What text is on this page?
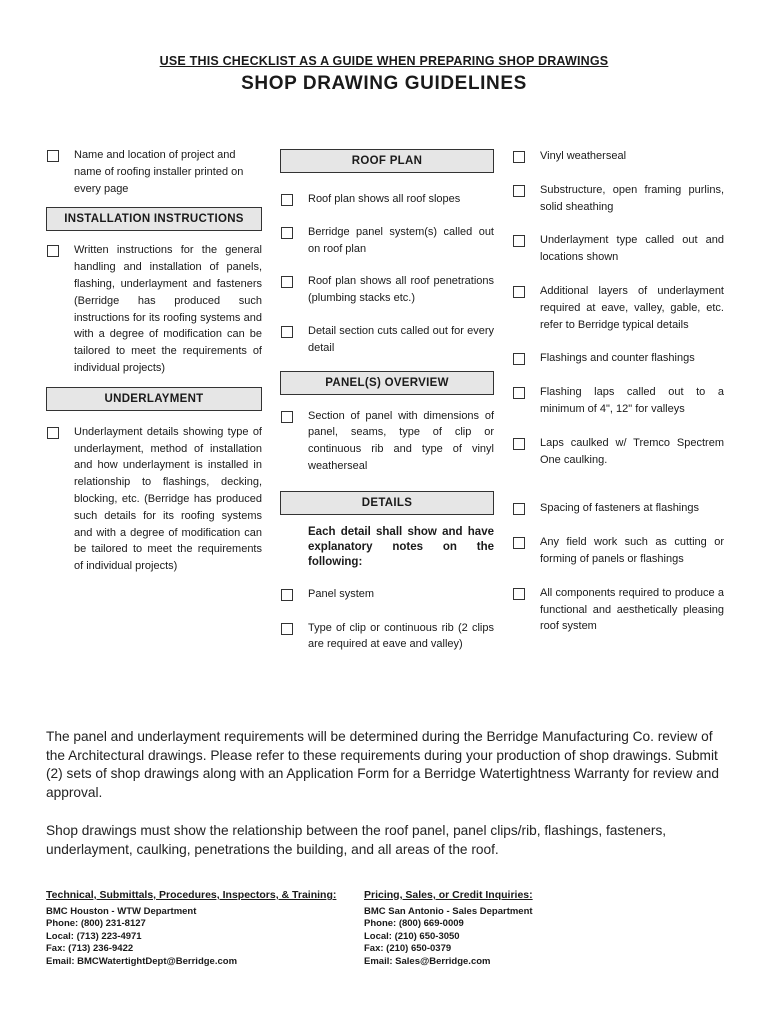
USE THIS CHECKLIST AS A GUIDE WHEN PREPARING SHOP DRAWINGS
SHOP DRAWING GUIDELINES
Name and location of project and name of roofing installer printed on every page
INSTALLATION INSTRUCTIONS
Written instructions for the general handling and installation of panels, flashing, underlayment and fasteners (Berridge has produced such instructions for its roofing systems and with a degree of modification can be tailored to meet the requirements of individual projects)
UNDERLAYMENT
Underlayment details showing type of underlayment, method of installation and how underlayment is installed in relationship to flashings, decking, blocking, etc. (Berridge has produced such details for its roofing systems and with a degree of modification can be tailored to meet the requirements of individual projects)
ROOF PLAN
Roof plan shows all roof slopes
Berridge panel system(s) called out on roof plan
Roof plan shows all roof penetrations (plumbing stacks etc.)
Detail section cuts called out for every detail
PANEL(S) OVERVIEW
Section of panel with dimensions of panel, seams, type of clip or continuous rib and type of vinyl weatherseal
DETAILS
Each detail shall show and have explanatory notes on the following:
Panel system
Type of clip or continuous rib (2 clips are required at eave and valley)
Vinyl weatherseal
Substructure, open framing purlins, solid sheathing
Underlayment type called out and locations shown
Additional layers of underlayment required at eave, valley, gable, etc. refer to Berridge typical details
Flashings and counter flashings
Flashing laps called out to a minimum of 4", 12" for valleys
Laps caulked w/ Tremco Spectrem One caulking.
Spacing of fasteners at flashings
Any field work such as cutting or forming of panels or flashings
All components required to produce a functional and aesthetically pleasing roof system
The panel and underlayment requirements will be determined during the Berridge Manufacturing Co. review of the Architectural drawings. Please refer to these requirements during your production of shop drawings. Submit (2) sets of shop drawings along with an Application Form for a Berridge Watertightness Warranty for review and approval.
Shop drawings must show the relationship between the roof panel, panel clips/rib, flashings, fasteners, underlayment, caulking, penetrations the building, and all areas of the roof.
Technical, Submittals, Procedures, Inspectors, & Training:
BMC Houston - WTW Department
Phone: (800) 231-8127
Local: (713) 223-4971
Fax: (713) 236-9422
Email: BMCWatertightDept@Berridge.com
Pricing, Sales, or Credit Inquiries:
BMC San Antonio - Sales Department
Phone: (800) 669-0009
Local: (210) 650-3050
Fax: (210) 650-0379
Email: Sales@Berridge.com
